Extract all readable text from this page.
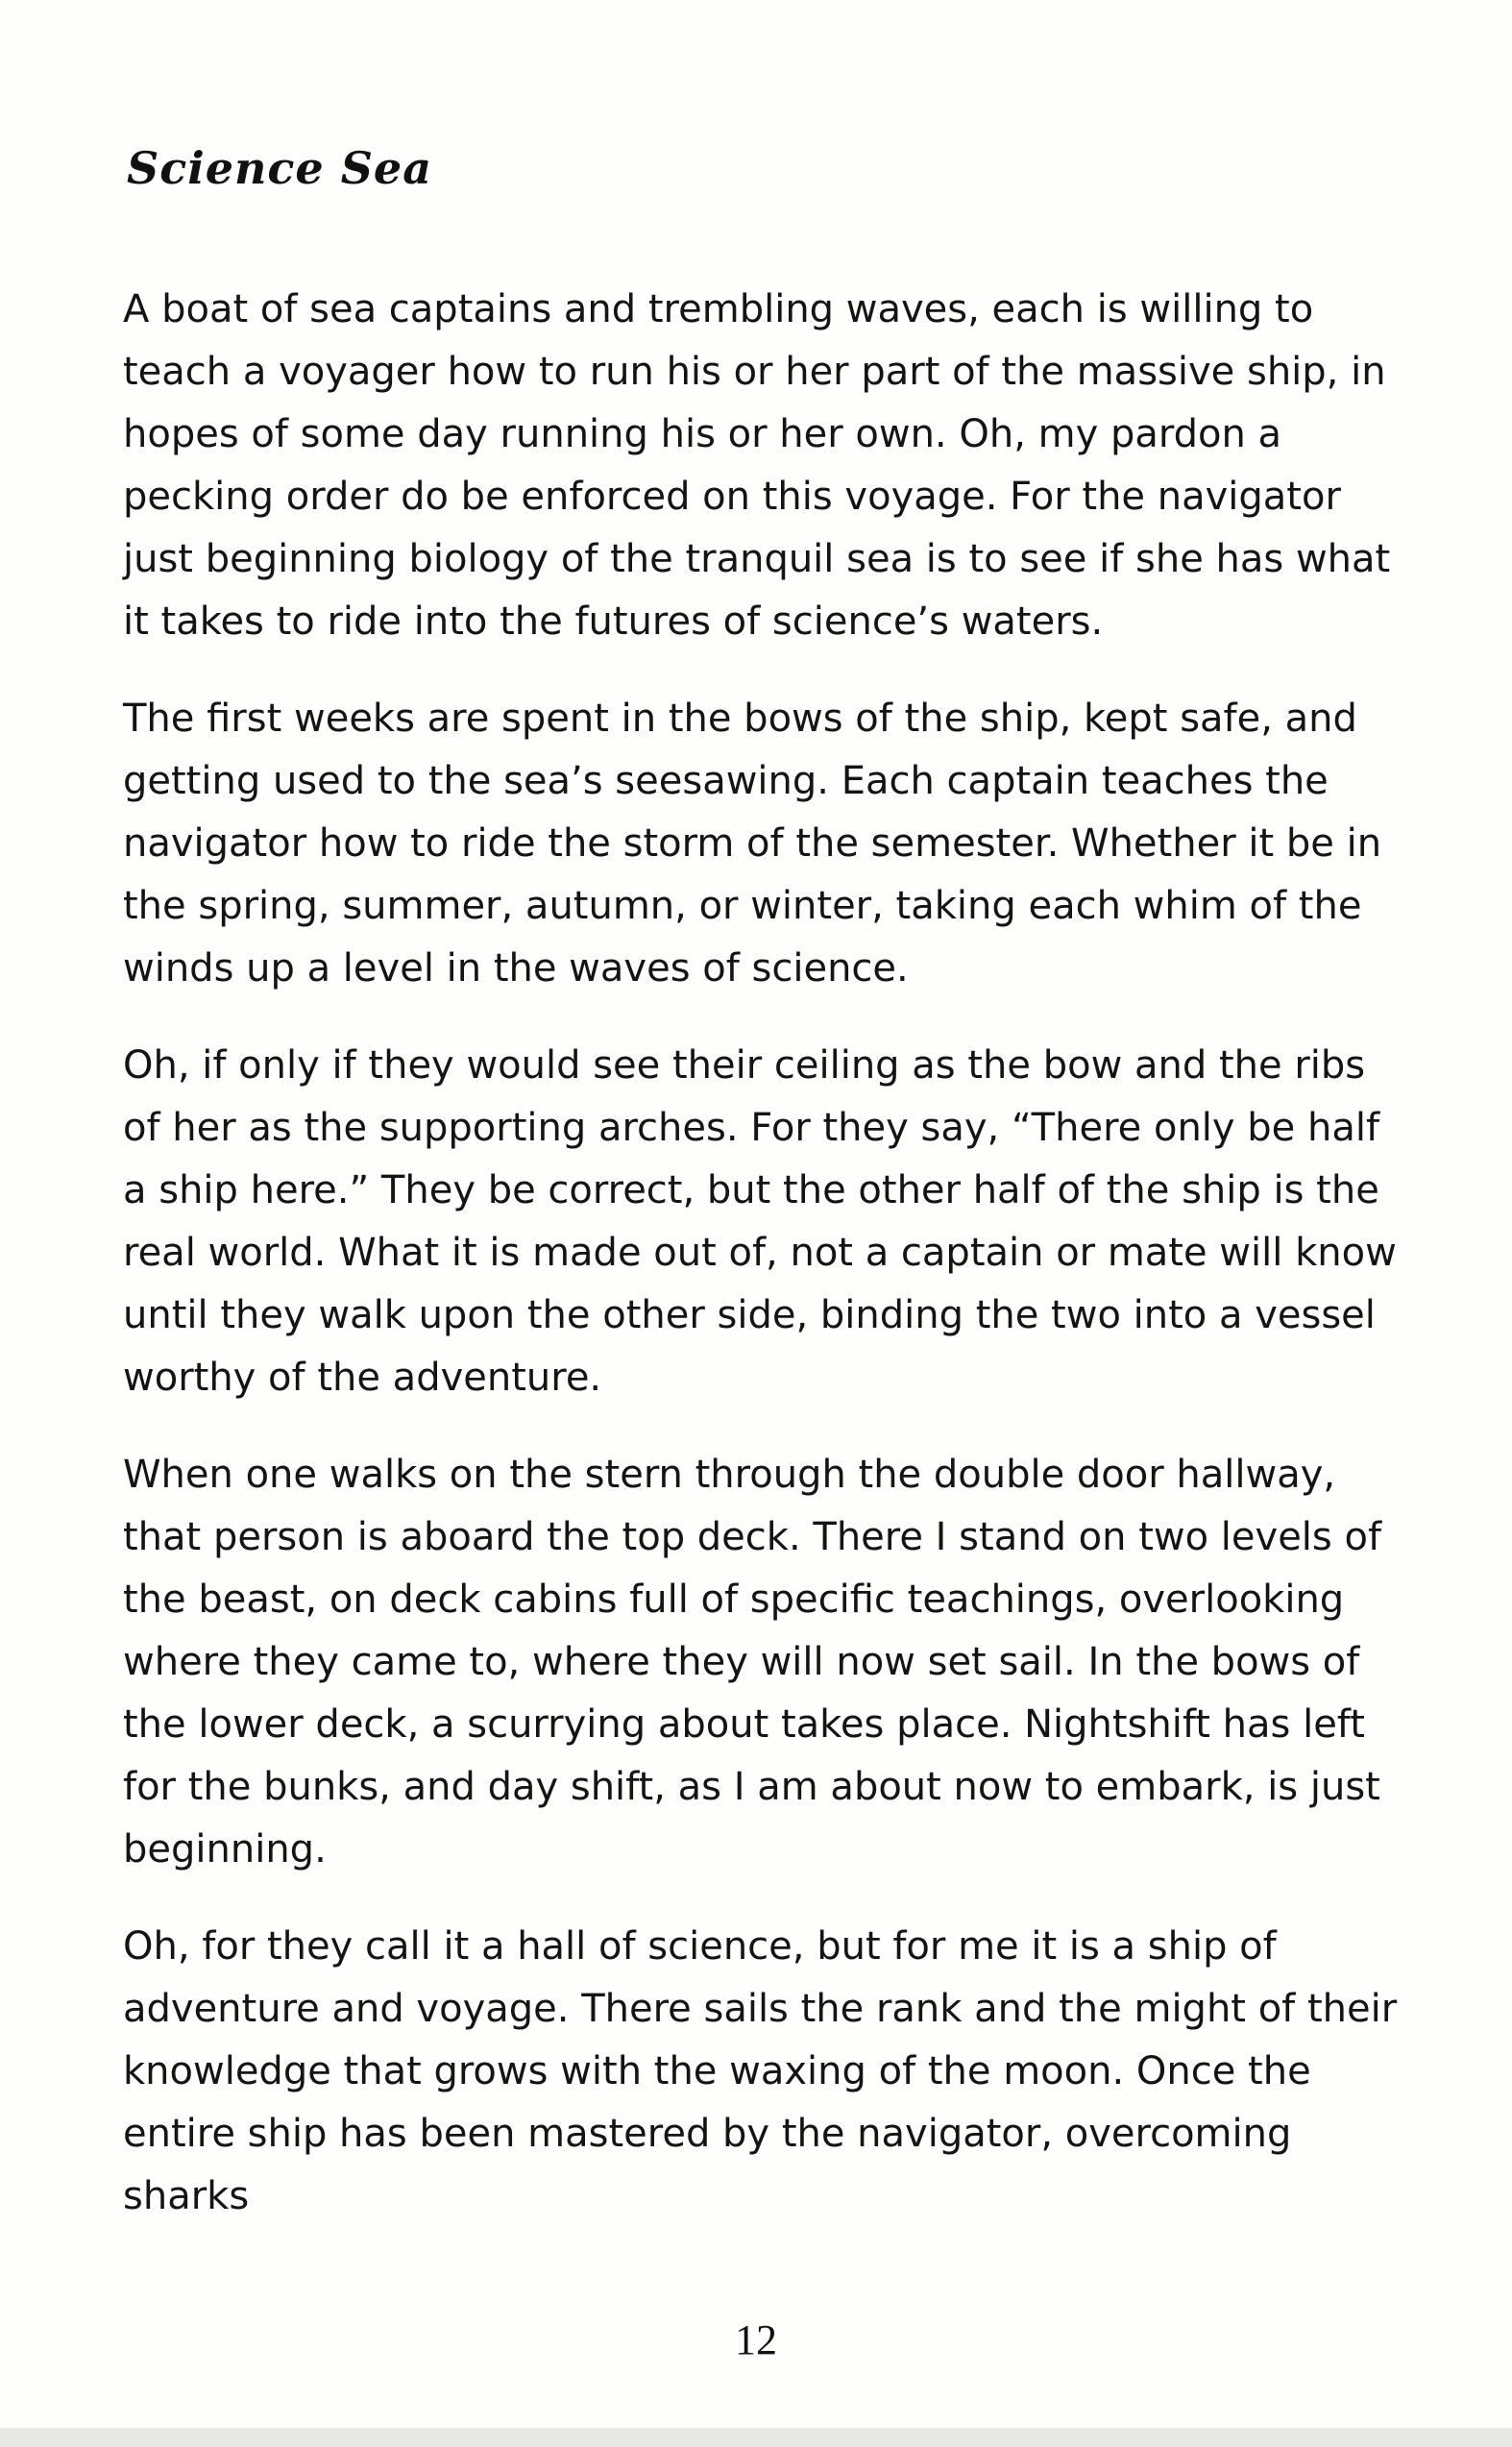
Science Sea

A boat of sea captains and trembling waves, each is willing to teach a voyager how to run his or her part of the massive ship, in hopes of some day running his or her own. Oh, my pardon a pecking order do be enforced on this voyage. For the navigator just beginning biology of the tranquil sea is to see if she has what it takes to ride into the futures of science’s waters.

The first weeks are spent in the bows of the ship, kept safe, and getting used to the sea’s seesawing. Each captain teaches the navigator how to ride the storm of the semester. Whether it be in the spring, summer, autumn, or winter, taking each whim of the winds up a level in the waves of science.

Oh, if only if they would see their ceiling as the bow and the ribs of her as the supporting arches. For they say, “There only be half a ship here.” They be correct, but the other half of the ship is the real world. What it is made out of, not a captain or mate will know until they walk upon the other side, binding the two into a vessel worthy of the adventure.

When one walks on the stern through the double door hallway, that person is aboard the top deck. There I stand on two levels of the beast, on deck cabins full of specific teachings, overlooking where they came to, where they will now set sail. In the bows of the lower deck, a scurrying about takes place. Nightshift has left for the bunks, and day shift, as I am about now to embark, is just beginning.

Oh, for they call it a hall of science, but for me it is a ship of adventure and voyage. There sails the rank and the might of their knowledge that grows with the waxing of the moon. Once the entire ship has been mastered by the navigator, overcoming sharks

12
